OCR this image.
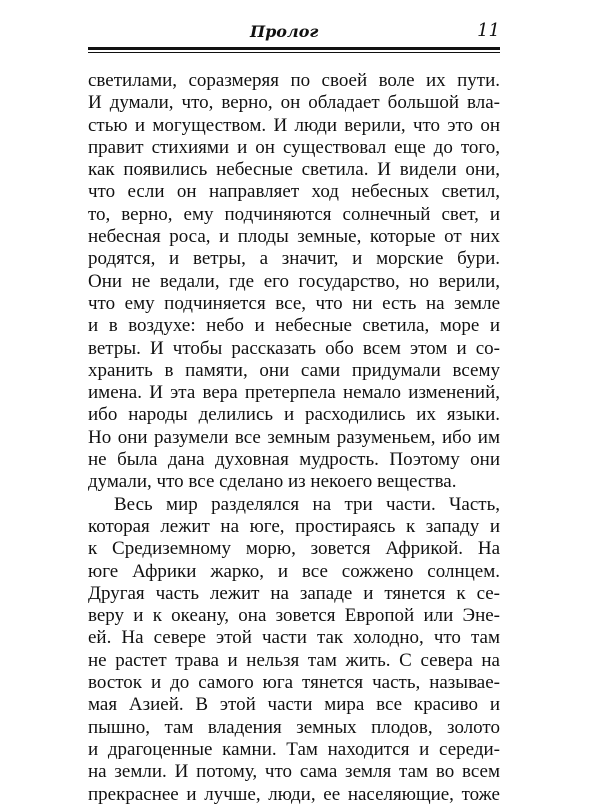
Пролог	11
светилами, соразмеряя по своей воле их пути.
И думали, что, верно, он обладает большой вла-
стью и могуществом. И люди верили, что это он
правит стихиями и он существовал еще до того,
как появились небесные светила. И видели они,
что если он направляет ход небесных светил,
то, верно, ему подчиняются солнечный свет, и
небесная роса, и плоды земные, которые от них
родятся, и ветры, а значит, и морские бури.
Они не ведали, где его государство, но верили,
что ему подчиняется все, что ни есть на земле
и в воздухе: небо и небесные светила, море и
ветры. И чтобы рассказать обо всем этом и со-
хранить в памяти, они сами придумали всему
имена. И эта вера претерпела немало изменений,
ибо народы делились и расходились их языки.
Но они разумели все земным разуменьем, ибо им
не была дана духовная мудрость. Поэтому они
думали, что все сделано из некоего вещества.
Весь мир разделялся на три части. Часть,
которая лежит на юге, простираясь к западу и
к Средиземному морю, зовется Африкой. На
юге Африки жарко, и все сожжено солнцем.
Другая часть лежит на западе и тянется к се-
веру и к океану, она зовется Европой или Эне-
ей. На севере этой части так холодно, что там
не растет трава и нельзя там жить. С севера на
восток и до самого юга тянется часть, называе-
мая Азией. В этой части мира все красиво и
пышно, там владения земных плодов, золото
и драгоценные камни. Там находится и середи-
на земли. И потому, что сама земля там во всем
прекраснее и лучше, люди, ее населяющие, тоже
